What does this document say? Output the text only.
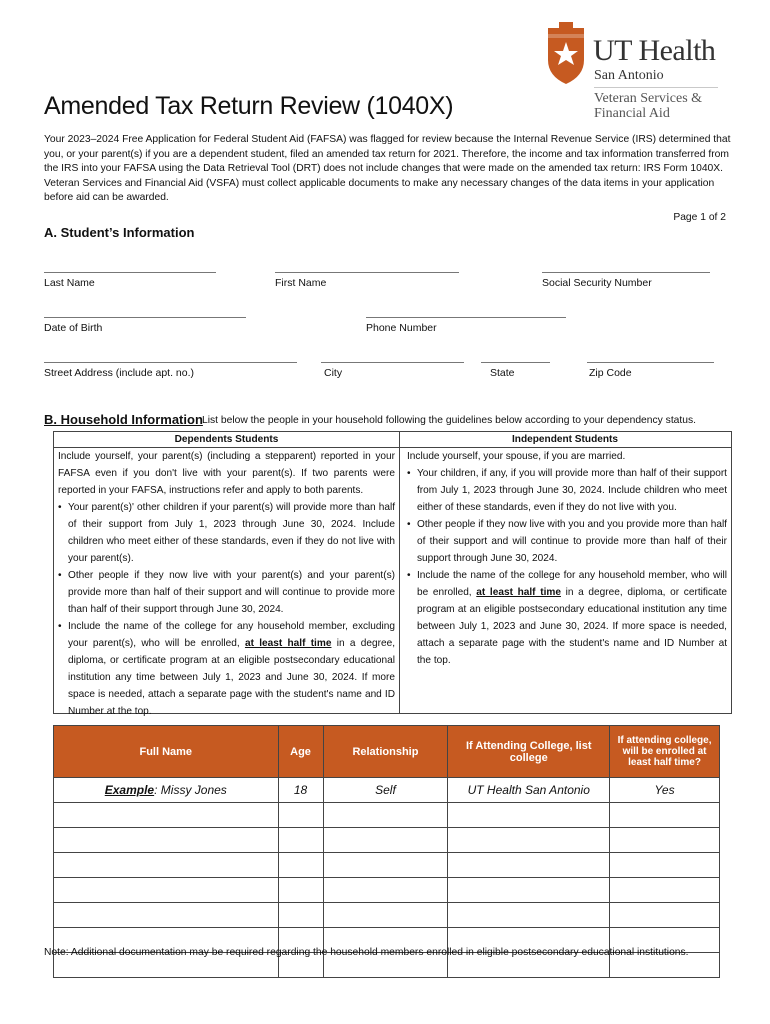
Amended Tax Return Review (1040X)
UT Health
San Antonio
Veteran Services &
Financial Aid
Your 2023–2024 Free Application for Federal Student Aid (FAFSA) was flagged for review because the Internal Revenue Service (IRS) determined that you, or your parent(s) if you are a dependent student, filed an amended tax return for 2021. Therefore, the income and tax information transferred from the IRS into your FAFSA using the Data Retrieval Tool (DRT) does not include changes that were made on the amended tax return: IRS Form 1040X. Veteran Services and Financial Aid (VSFA) must collect applicable documents to make any necessary changes of the data items in your application before aid can be awarded.
Page 1 of 2
A. Student’s Information
Last Name	First Name	Social Security Number
Date of Birth	Phone Number
Street Address (include apt. no.)	City	State	Zip Code
B. Household Information List below the people in your household following the guidelines below according to your dependency status.
Dependents Students
Include yourself, your parent(s) (including a stepparent) reported in your FAFSA even if you don't live with your parent(s). If two parents were reported in your FAFSA, instructions refer and apply to both parents.
• Your parent(s)' other children if your parent(s) will provide more than half of their support from July 1, 2023 through June 30, 2024. Include children who meet either of these standards, even if they do not live with your parent(s).
• Other people if they now live with your parent(s) and your parent(s) provide more than half of their support and will continue to provide more than half of their support through June 30, 2024.
• Include the name of the college for any household member, excluding your parent(s), who will be enrolled, at least half time in a degree, diploma, or certificate program at an eligible postsecondary educational institution any time between July 1, 2023 and June 30, 2024. If more space is needed, attach a separate page with the student's name and ID Number at the top.
Independent Students
Include yourself, your spouse, if you are married.
• Your children, if any, if you will provide more than half of their support from July 1, 2023 through June 30, 2024. Include children who meet either of these standards, even if they do not live with you.
• Other people if they now live with you and you provide more than half of their support and will continue to provide more than half of their support through June 30, 2024.
• Include the name of the college for any household member, who will be enrolled, at least half time in a degree, diploma, or certificate program at an eligible postsecondary educational institution any time between July 1, 2023 and June 30, 2024. If more space is needed, attach a separate page with the student's name and ID Number at the top.
Full Name	Age	Relationship	If Attending College, list college	If attending college, will be enrolled at least half time?
Example: Missy Jones	18	Self	UT Health San Antonio	Yes

Note: Additional documentation may be required regarding the household members enrolled in eligible postsecondary educational institutions.
